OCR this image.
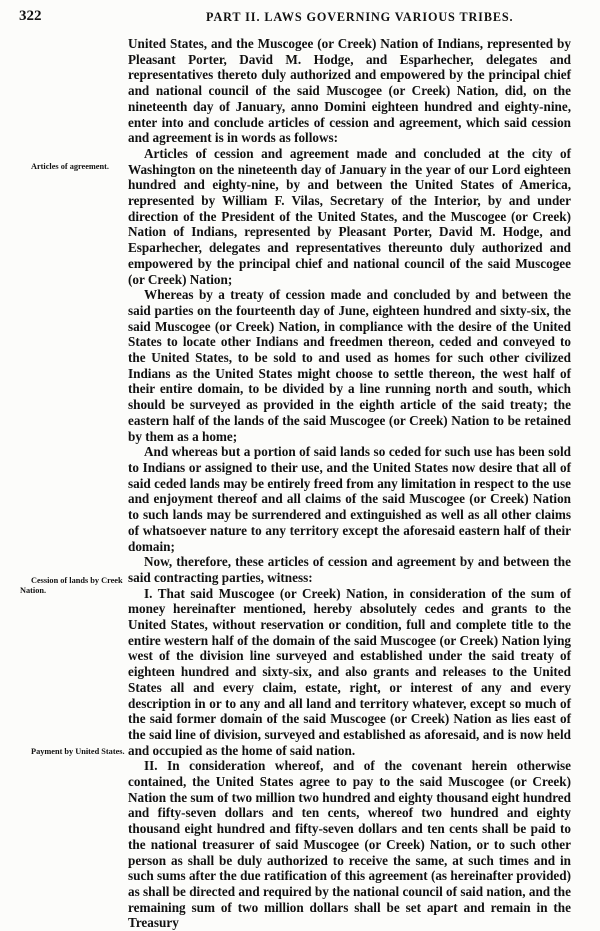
322	PART II. LAWS GOVERNING VARIOUS TRIBES.
Articles of agreement.
Cession of lands by Creek Nation.
Payment by United States.

United States, and the Muscogee (or Creek) Nation of Indians, represented by Pleasant Porter, David M. Hodge, and Esparhecher, delegates and representatives thereto duly authorized and empowered by the principal chief and national council of the said Muscogee (or Creek) Nation, did, on the nineteenth day of January, anno Domini eighteen hundred and eighty-nine, enter into and conclude articles of cession and agreement, which said cession and agreement is in words as follows:

Articles of cession and agreement made and concluded at the city of Washington on the nineteenth day of January in the year of our Lord eighteen hundred and eighty-nine, by and between the United States of America, represented by William F. Vilas, Secretary of the Interior, by and under direction of the President of the United States, and the Muscogee (or Creek) Nation of Indians, represented by Pleasant Porter, David M. Hodge, and Esparhecher, delegates and representatives thereunto duly authorized and empowered by the principal chief and national council of the said Muscogee (or Creek) Nation;

Whereas by a treaty of cession made and concluded by and between the said parties on the fourteenth day of June, eighteen hundred and sixty-six, the said Muscogee (or Creek) Nation, in compliance with the desire of the United States to locate other Indians and freedmen thereon, ceded and conveyed to the United States, to be sold to and used as homes for such other civilized Indians as the United States might choose to settle thereon, the west half of their entire domain, to be divided by a line running north and south, which should be surveyed as provided in the eighth article of the said treaty; the eastern half of the lands of the said Muscogee (or Creek) Nation to be retained by them as a home;

And whereas but a portion of said lands so ceded for such use has been sold to Indians or assigned to their use, and the United States now desire that all of said ceded lands may be entirely freed from any limitation in respect to the use and enjoyment thereof and all claims of the said Muscogee (or Creek) Nation to such lands may be surrendered and extinguished as well as all other claims of whatsoever nature to any territory except the aforesaid eastern half of their domain;

Now, therefore, these articles of cession and agreement by and between the said contracting parties, witness:

I. That said Muscogee (or Creek) Nation, in consideration of the sum of money hereinafter mentioned, hereby absolutely cedes and grants to the United States, without reservation or condition, full and complete title to the entire western half of the domain of the said Muscogee (or Creek) Nation lying west of the division line surveyed and established under the said treaty of eighteen hundred and sixty-six, and also grants and releases to the United States all and every claim, estate, right, or interest of any and every description in or to any and all land and territory whatever, except so much of the said former domain of the said Muscogee (or Creek) Nation as lies east of the said line of division, surveyed and established as aforesaid, and is now held and occupied as the home of said nation.

II. In consideration whereof, and of the covenant herein otherwise contained, the United States agree to pay to the said Muscogee (or Creek) Nation the sum of two million two hundred and eighty thousand eight hundred and fifty-seven dollars and ten cents, whereof two hundred and eighty thousand eight hundred and fifty-seven dollars and ten cents shall be paid to the national treasurer of said Muscogee (or Creek) Nation, or to such other person as shall be duly authorized to receive the same, at such times and in such sums after the due ratification of this agreement (as hereinafter provided) as shall be directed and required by the national council of said nation, and the remaining sum of two million dollars shall be set apart and remain in the Treasury
